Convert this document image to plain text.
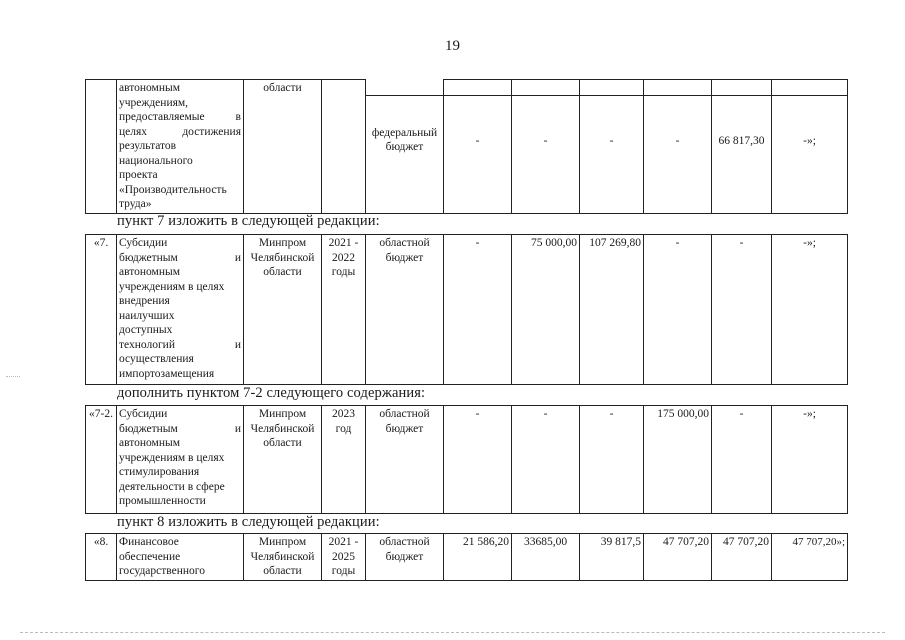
19

автономным
учреждениям,
предоставляемые в
целях достижения
результатов
национального
проекта
«Производительность
труда»
	области		федеральный бюджет	-	-	-	-	66 817,30	-»;
пункт 7 изложить в следующей редакции:
«7.	Субсидии
бюджетным и
автономным
учреждениям в целях
внедрения
наилучших
доступных
технологий и
осуществления
импортозамещения
	Минпром Челябинской области	2021 - 2022 годы	областной бюджет	-	75 000,00	107 269,80	-	-	-»;
дополнить пунктом 7-2 следующего содержания:
«7-2.	Субсидии
бюджетным и
автономным
учреждениям в целях
стимулирования
деятельности в сфере
промышленности
	Минпром Челябинской области	2023 год	областной бюджет	-	-	-	175 000,00	-	-»;
пункт 8 изложить в следующей редакции:
«8.	Финансовое
обеспечение
государственного
	Минпром Челябинской области	2021 - 2025 годы	областной бюджет	21 586,20	33685,00	39 817,5	47 707,20	47 707,20	47 707,20»;
